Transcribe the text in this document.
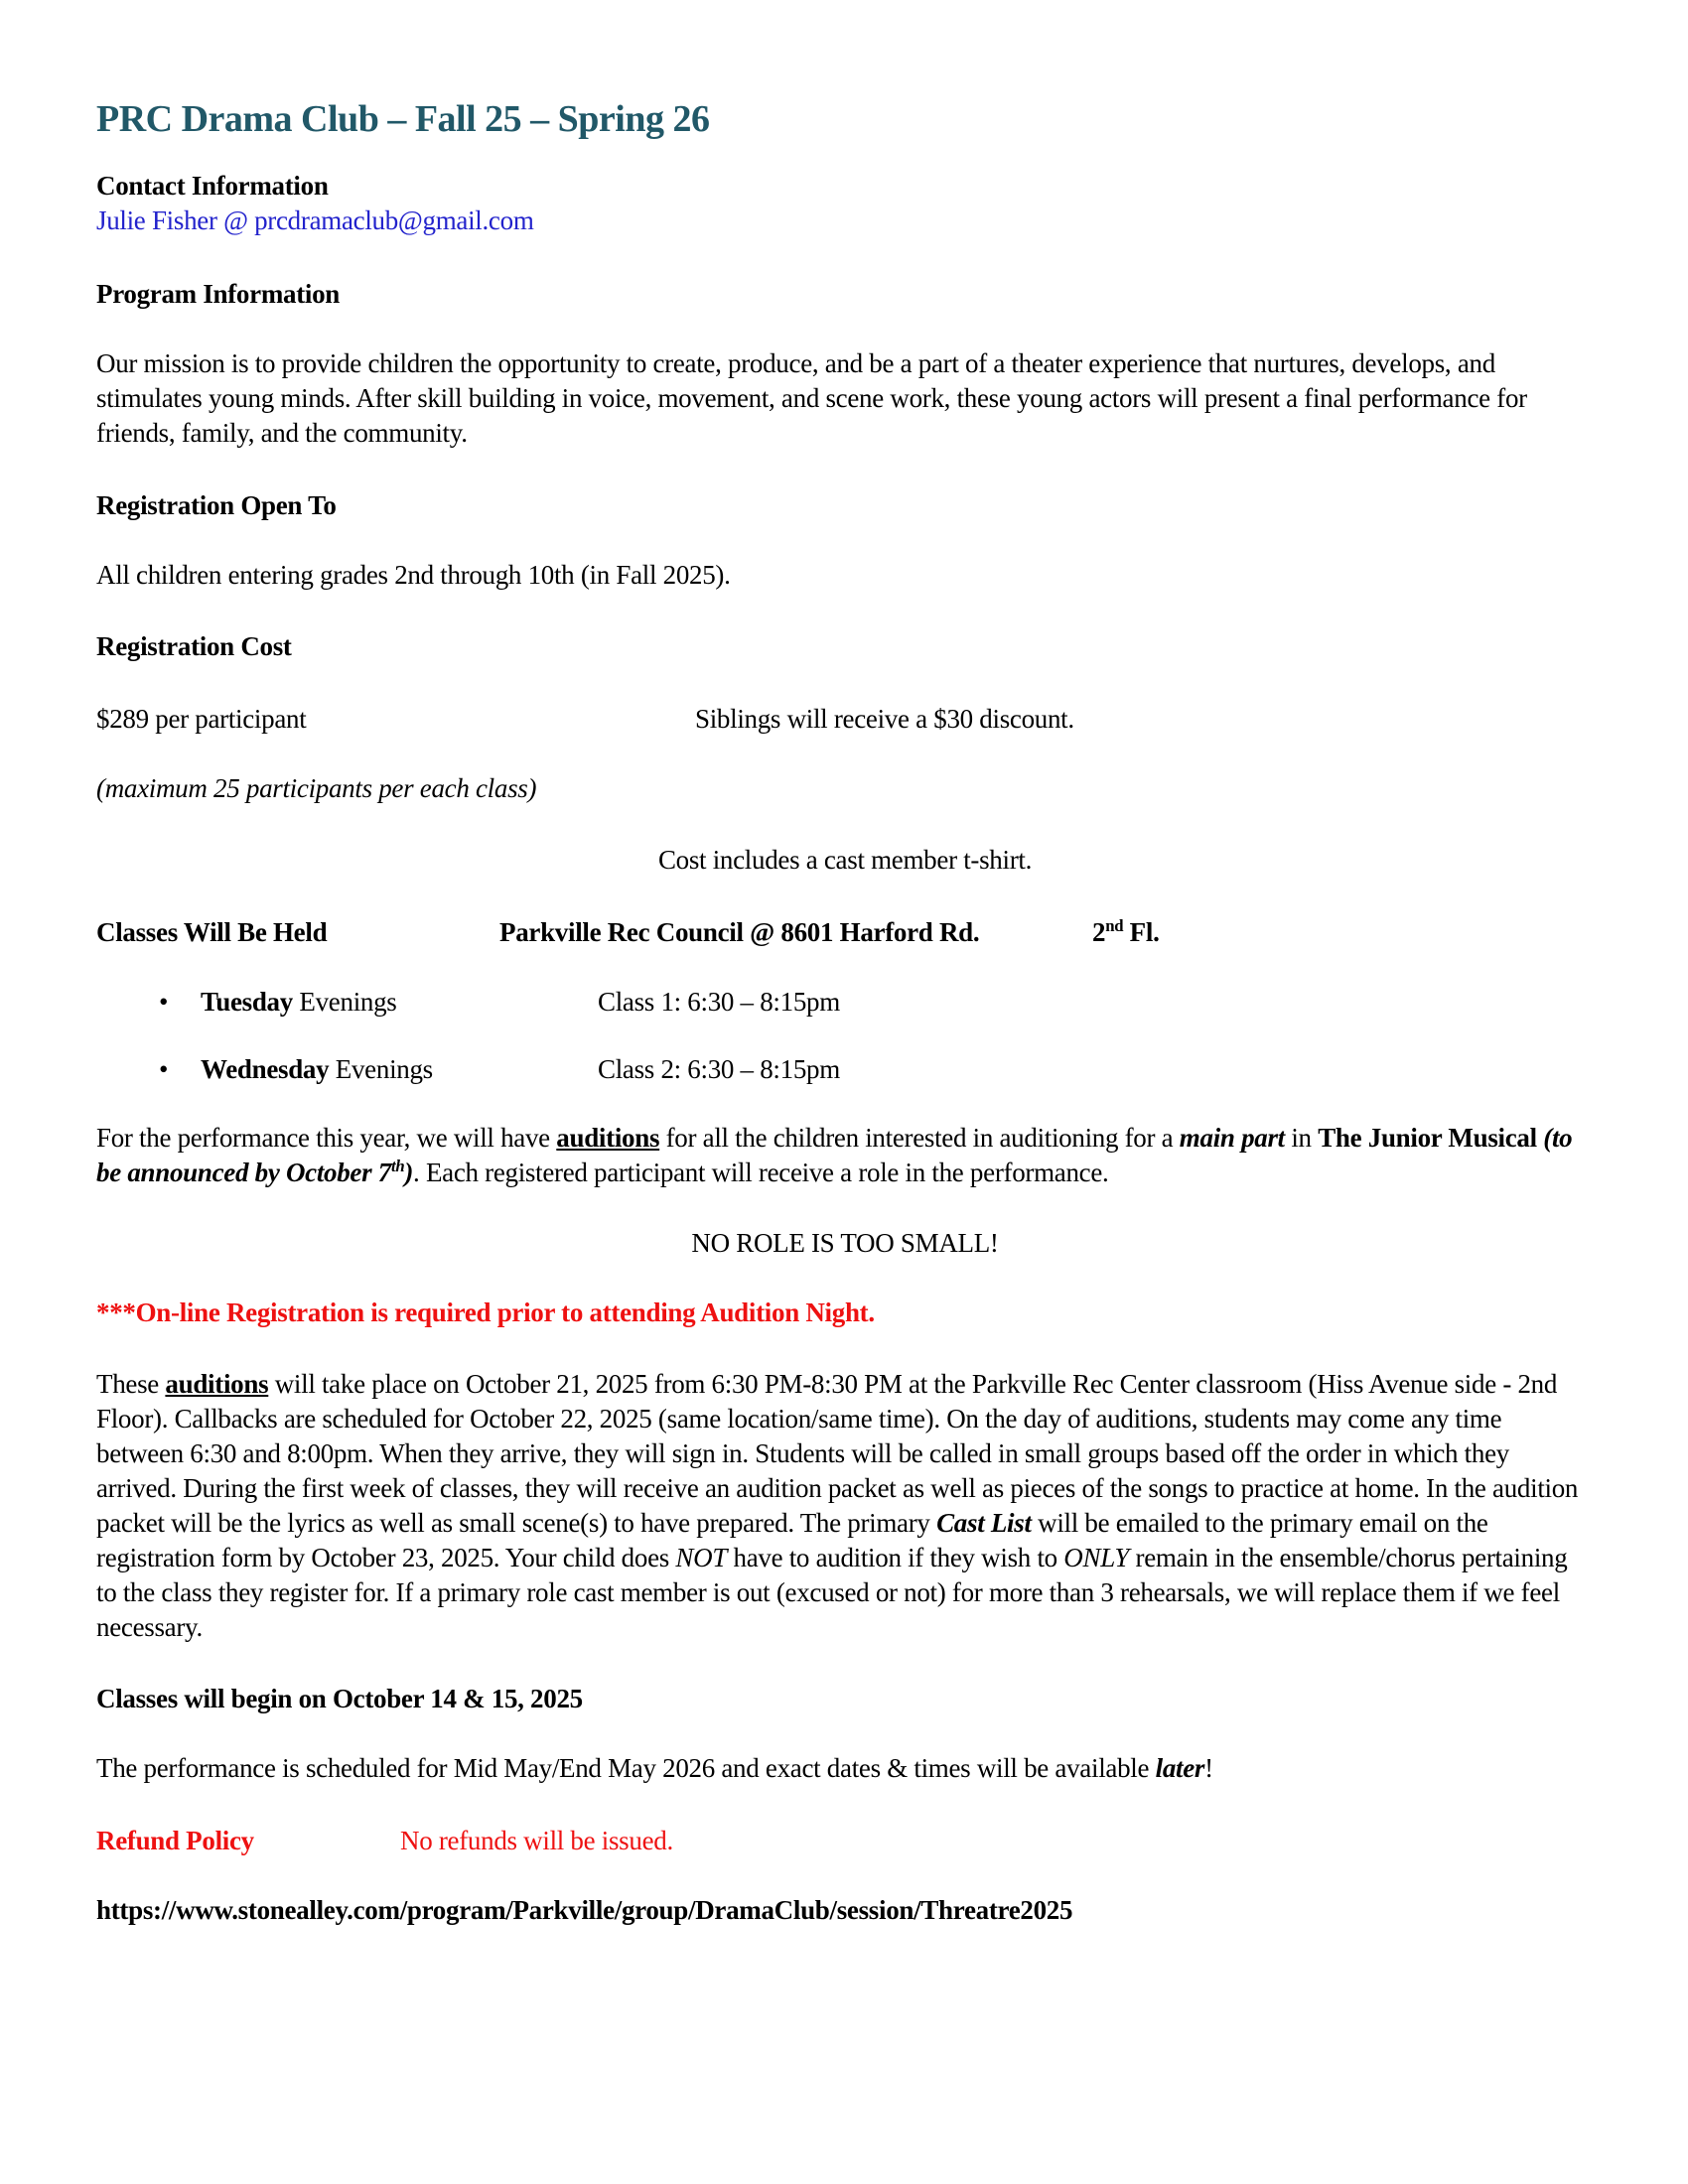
PRC Drama Club – Fall 25 – Spring 26

Contact Information

Julie Fisher @ prcdramaclub@gmail.com

Program Information

Our mission is to provide children the opportunity to create, produce, and be a part of a theater experience that nurtures, develops, and stimulates young minds. After skill building in voice, movement, and scene work, these young actors will present a final performance for friends, family, and the community.

Registration Open To

All children entering grades 2nd through 10th (in Fall 2025).

Registration Cost

$289 per participant	Siblings will receive a $30 discount.

(maximum 25 participants per each class)

Cost includes a cast member t-shirt.

Classes Will Be Held	Parkville Rec Council @ 8601 Harford Rd.	2nd Fl.
•	Tuesday Evenings	Class 1: 6:30 – 8:15pm
•	Wednesday Evenings	Class 2: 6:30 – 8:15pm

For the performance this year, we will have auditions for all the children interested in auditioning for a main part in The Junior Musical (to be announced by October 7th). Each registered participant will receive a role in the performance.

NO ROLE IS TOO SMALL!

***On-line Registration is required prior to attending Audition Night.

These auditions will take place on October 21, 2025 from 6:30 PM-8:30 PM at the Parkville Rec Center classroom (Hiss Avenue side - 2nd Floor). Callbacks are scheduled for October 22, 2025 (same location/same time). On the day of auditions, students may come any time between 6:30 and 8:00pm. When they arrive, they will sign in. Students will be called in small groups based off the order in which they arrived. During the first week of classes, they will receive an audition packet as well as pieces of the songs to practice at home. In the audition packet will be the lyrics as well as small scene(s) to have prepared. The primary Cast List will be emailed to the primary email on the registration form by October 23, 2025. Your child does NOT have to audition if they wish to ONLY remain in the ensemble/chorus pertaining to the class they register for. If a primary role cast member is out (excused or not) for more than 3 rehearsals, we will replace them if we feel necessary.

Classes will begin on October 14 & 15, 2025

The performance is scheduled for Mid May/End May 2026 and exact dates & times will be available later!

Refund Policy	No refunds will be issued.

https://www.stonealley.com/program/Parkville/group/DramaClub/session/Threatre2025
